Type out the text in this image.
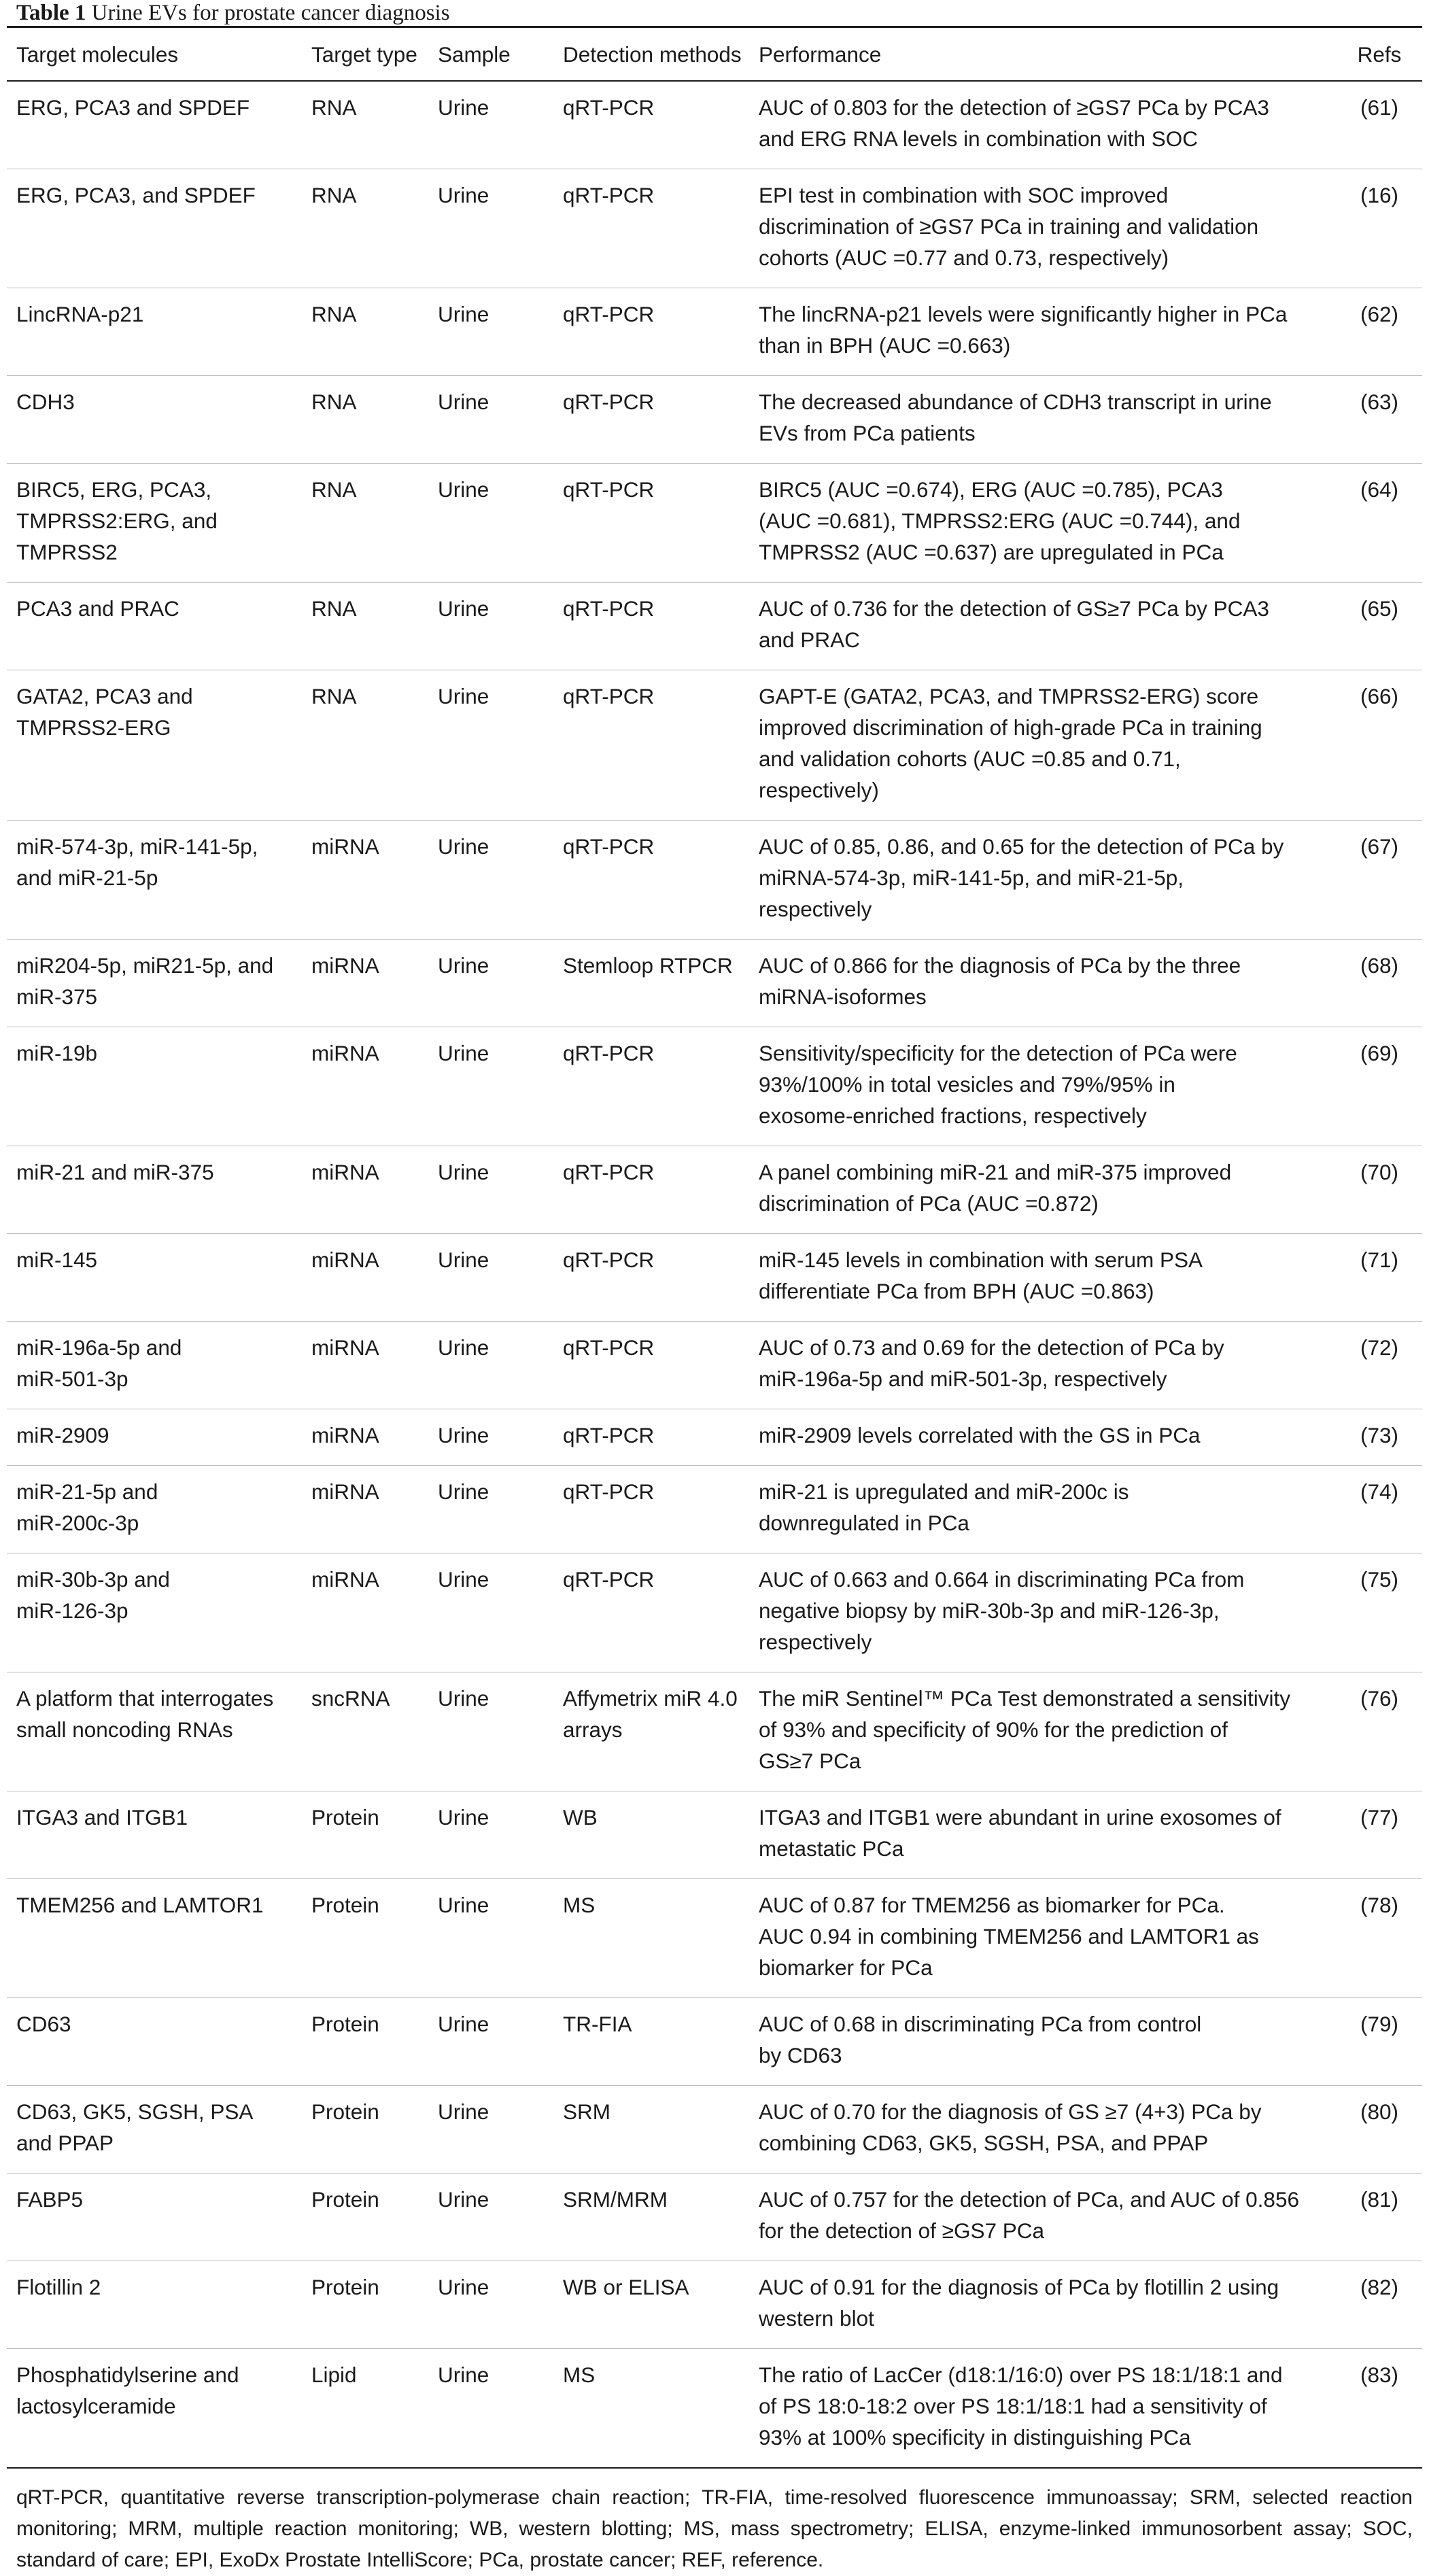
Table 1 Urine EVs for prostate cancer diagnosis
Target molecules	Target type	Sample	Detection methods	Performance	Refs
ERG, PCA3 and SPDEF	RNA	Urine	qRT-PCR	AUC of 0.803 for the detection of ≥GS7 PCa by PCA3
and ERG RNA levels in combination with SOC	(61)
ERG, PCA3, and SPDEF	RNA	Urine	qRT-PCR	EPI test in combination with SOC improved
discrimination of ≥GS7 PCa in training and validation
cohorts (AUC =0.77 and 0.73, respectively)	(16)
LincRNA-p21	RNA	Urine	qRT-PCR	The lincRNA-p21 levels were significantly higher in PCa
than in BPH (AUC =0.663)	(62)
CDH3	RNA	Urine	qRT-PCR	The decreased abundance of CDH3 transcript in urine
EVs from PCa patients	(63)
BIRC5, ERG, PCA3,
TMPRSS2:ERG, and
TMPRSS2	RNA	Urine	qRT-PCR	BIRC5 (AUC =0.674), ERG (AUC =0.785), PCA3
(AUC =0.681), TMPRSS2:ERG (AUC =0.744), and
TMPRSS2 (AUC =0.637) are upregulated in PCa	(64)
PCA3 and PRAC	RNA	Urine	qRT-PCR	AUC of 0.736 for the detection of GS≥7 PCa by PCA3
and PRAC	(65)
GATA2, PCA3 and
TMPRSS2-ERG	RNA	Urine	qRT-PCR	GAPT-E (GATA2, PCA3, and TMPRSS2-ERG) score
improved discrimination of high-grade PCa in training
and validation cohorts (AUC =0.85 and 0.71,
respectively)	(66)
miR-574-3p, miR-141-5p,
and miR-21-5p	miRNA	Urine	qRT-PCR	AUC of 0.85, 0.86, and 0.65 for the detection of PCa by
miRNA-574-3p, miR-141-5p, and miR-21-5p,
respectively	(67)
miR204-5p, miR21-5p, and
miR-375	miRNA	Urine	Stemloop RTPCR	AUC of 0.866 for the diagnosis of PCa by the three
miRNA-isoformes	(68)
miR-19b	miRNA	Urine	qRT-PCR	Sensitivity/specificity for the detection of PCa were
93%/100% in total vesicles and 79%/95% in
exosome-enriched fractions, respectively	(69)
miR-21 and miR-375	miRNA	Urine	qRT-PCR	A panel combining miR-21 and miR-375 improved
discrimination of PCa (AUC =0.872)	(70)
miR-145	miRNA	Urine	qRT-PCR	miR-145 levels in combination with serum PSA
differentiate PCa from BPH (AUC =0.863)	(71)
miR-196a-5p and
miR-501-3p	miRNA	Urine	qRT-PCR	AUC of 0.73 and 0.69 for the detection of PCa by
miR-196a-5p and miR-501-3p, respectively	(72)
miR-2909	miRNA	Urine	qRT-PCR	miR-2909 levels correlated with the GS in PCa	(73)
miR-21-5p and
miR-200c-3p	miRNA	Urine	qRT-PCR	miR-21 is upregulated and miR-200c is
downregulated in PCa	(74)
miR-30b-3p and
miR-126-3p	miRNA	Urine	qRT-PCR	AUC of 0.663 and 0.664 in discriminating PCa from
negative biopsy by miR-30b-3p and miR-126-3p,
respectively	(75)
A platform that interrogates
small noncoding RNAs	sncRNA	Urine	Affymetrix miR 4.0
arrays	The miR Sentinel™ PCa Test demonstrated a sensitivity
of 93% and specificity of 90% for the prediction of
GS≥7 PCa	(76)
ITGA3 and ITGB1	Protein	Urine	WB	ITGA3 and ITGB1 were abundant in urine exosomes of
metastatic PCa	(77)
TMEM256 and LAMTOR1	Protein	Urine	MS	AUC of 0.87 for TMEM256 as biomarker for PCa.
AUC 0.94 in combining TMEM256 and LAMTOR1 as
biomarker for PCa	(78)
CD63	Protein	Urine	TR-FIA	AUC of 0.68 in discriminating PCa from control
by CD63	(79)
CD63, GK5, SGSH, PSA
and PPAP	Protein	Urine	SRM	AUC of 0.70 for the diagnosis of GS ≥7 (4+3) PCa by
combining CD63, GK5, SGSH, PSA, and PPAP	(80)
FABP5	Protein	Urine	SRM/MRM	AUC of 0.757 for the detection of PCa, and AUC of 0.856
for the detection of ≥GS7 PCa	(81)
Flotillin 2	Protein	Urine	WB or ELISA	AUC of 0.91 for the diagnosis of PCa by flotillin 2 using
western blot	(82)
Phosphatidylserine and
lactosylceramide	Lipid	Urine	MS	The ratio of LacCer (d18:1/16:0) over PS 18:1/18:1 and
of PS 18:0-18:2 over PS 18:1/18:1 had a sensitivity of
93% at 100% specificity in distinguishing PCa	(83)
qRT-PCR, quantitative reverse transcription-polymerase chain reaction; TR-FIA, time-resolved fluorescence immunoassay; SRM, selected reaction monitoring; MRM, multiple reaction monitoring; WB, western blotting; MS, mass spectrometry; ELISA, enzyme-linked immunosorbent assay; SOC, standard of care; EPI, ExoDx Prostate IntelliScore; PCa, prostate cancer; REF, reference.
